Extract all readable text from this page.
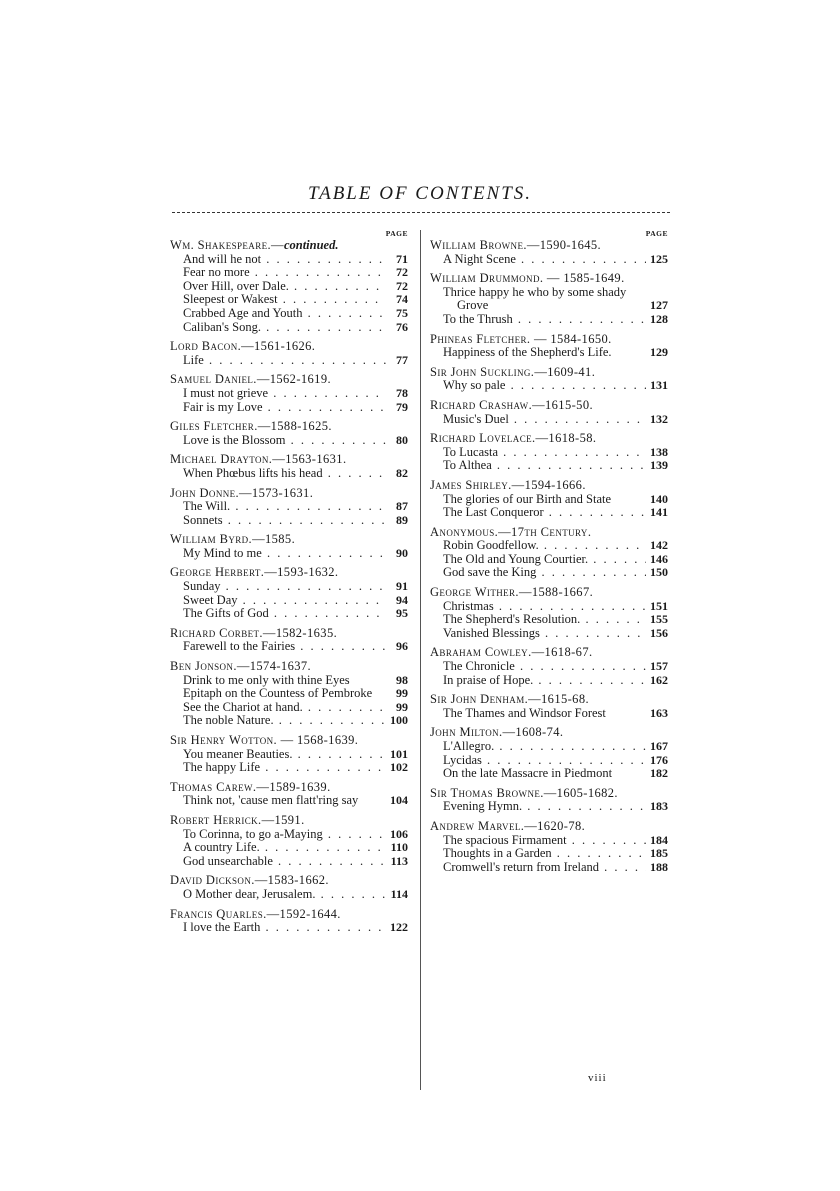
TABLE OF CONTENTS.
PAGE
Wm. Shakespeare.—continued.
And will he not . . .	71
Fear no more . . .	72
Over Hill, over Dale. . . .	72
Sleepest or Wakest . . .	74
Crabbed Age and Youth . . .	75
Caliban's Song. . . .	76
Lord Bacon.—1561-1626.
Life . . .	77
Samuel Daniel.—1562-1619.
I must not grieve . . .	78
Fair is my Love . . .	79
Giles Fletcher.—1588-1625.
Love is the Blossom . . .	80
Michael Drayton.—1563-1631.
When Phœbus lifts his head . . .	82
John Donne.—1573-1631.
The Will. . . .	87
Sonnets . . .	89
William Byrd.—1585.
My Mind to me . . .	90
George Herbert.—1593-1632.
Sunday . . .	91
Sweet Day . . .	94
The Gifts of God . . .	95
Richard Corbet.—1582-1635.
Farewell to the Fairies . . .	96
Ben Jonson.—1574-1637.
Drink to me only with thine Eyes	98
Epitaph on the Countess of Pembroke	99
See the Chariot at hand. . . .	99
The noble Nature. . . .	100
Sir Henry Wotton. — 1568-1639.
You meaner Beauties. . . .	101
The happy Life . . .	102
Thomas Carew.—1589-1639.
Think not, 'cause men flatt'ring say	104
Robert Herrick.—1591.
To Corinna, to go a-Maying . . .	106
A country Life. . . .	110
God unsearchable . . .	113
David Dickson.—1583-1662.
O Mother dear, Jerusalem. . . .	114
Francis Quarles.—1592-1644.
I love the Earth . . .	122
PAGE
William Browne.—1590-1645.
A Night Scene . . .	125
William Drummond. — 1585-1649.
Thrice happy he who by some shady Grove	127
To the Thrush . . .	128
Phineas Fletcher. — 1584-1650.
Happiness of the Shepherd's Life.	129
Sir John Suckling.—1609-41.
Why so pale . . .	131
Richard Crashaw.—1615-50.
Music's Duel . . .	132
Richard Lovelace.—1618-58.
To Lucasta . . .	138
To Althea . . .	139
James Shirley.—1594-1666.
The glories of our Birth and State	140
The Last Conqueror . . .	141
Anonymous.—17th Century.
Robin Goodfellow. . . .	142
The Old and Young Courtier. . . .	146
God save the King . . .	150
George Wither.—1588-1667.
Christmas . . .	151
The Shepherd's Resolution. . . .	155
Vanished Blessings . . .	156
Abraham Cowley.—1618-67.
The Chronicle . . .	157
In praise of Hope. . . .	162
Sir John Denham.—1615-68.
The Thames and Windsor Forest	163
John Milton.—1608-74.
L'Allegro. . . .	167
Lycidas . . .	176
On the late Massacre in Piedmont	182
Sir Thomas Browne.—1605-1682.
Evening Hymn. . . .	183
Andrew Marvel.—1620-78.
The spacious Firmament . . .	184
Thoughts in a Garden . . .	185
Cromwell's return from Ireland . . .	188
viii
